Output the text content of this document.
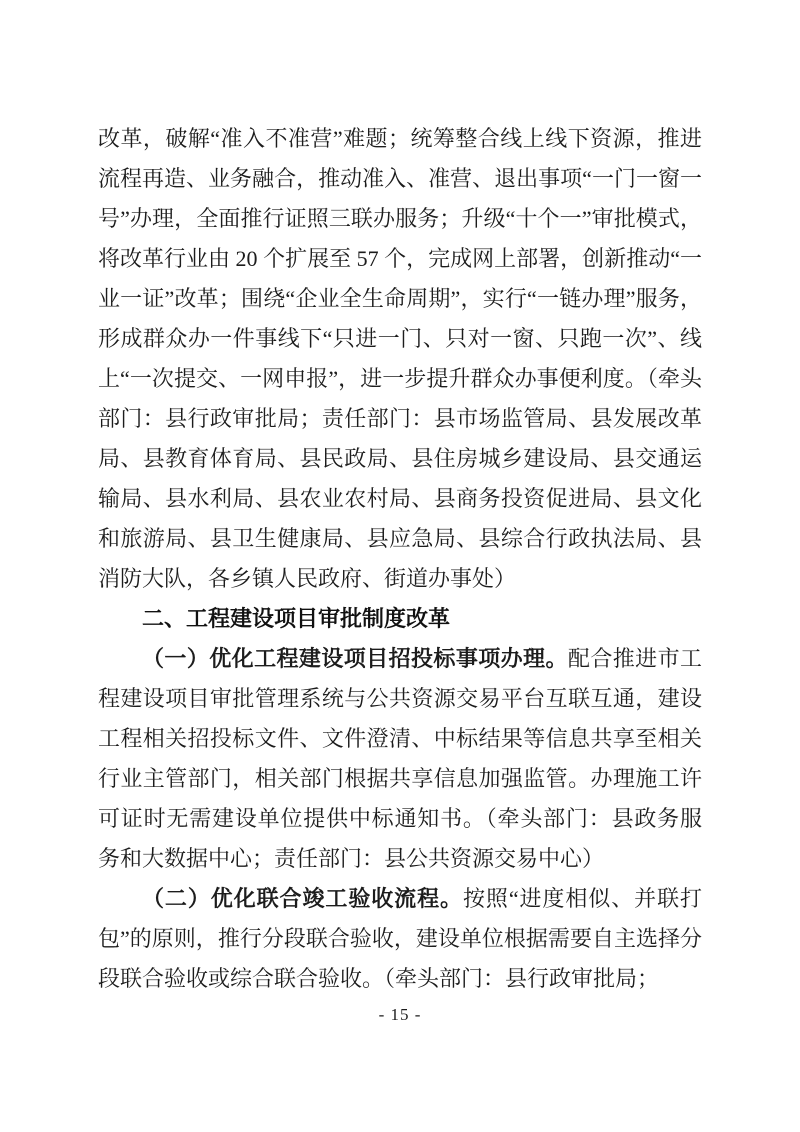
改革，破解“准入不准营”难题；统筹整合线上线下资源，推进流程再造、业务融合，推动准入、准营、退出事项“一门一窗一号”办理，全面推行证照三联办服务；升级“十个一”审批模式，将改革行业由 20 个扩展至 57 个，完成网上部署，创新推动“一业一证”改革；围绕“企业全生命周期”，实行“一链办理”服务，形成群众办一件事线下“只进一门、只对一窗、只跑一次”、线上“一次提交、一网申报”，进一步提升群众办事便利度。（牵头部门：县行政审批局；责任部门：县市场监管局、县发展改革局、县教育体育局、县民政局、县住房城乡建设局、县交通运输局、县水利局、县农业农村局、县商务投资促进局、县文化和旅游局、县卫生健康局、县应急局、县综合行政执法局、县消防大队，各乡镇人民政府、街道办事处）

二、工程建设项目审批制度改革

（一）优化工程建设项目招投标事项办理。配合推进市工程建设项目审批管理系统与公共资源交易平台互联互通，建设工程相关招投标文件、文件澄清、中标结果等信息共享至相关行业主管部门，相关部门根据共享信息加强监管。办理施工许可证时无需建设单位提供中标通知书。（牵头部门：县政务服务和大数据中心；责任部门：县公共资源交易中心）

（二）优化联合竣工验收流程。按照“进度相似、并联打包”的原则，推行分段联合验收，建设单位根据需要自主选择分段联合验收或综合联合验收。（牵头部门：县行政审批局；

- 15 -
